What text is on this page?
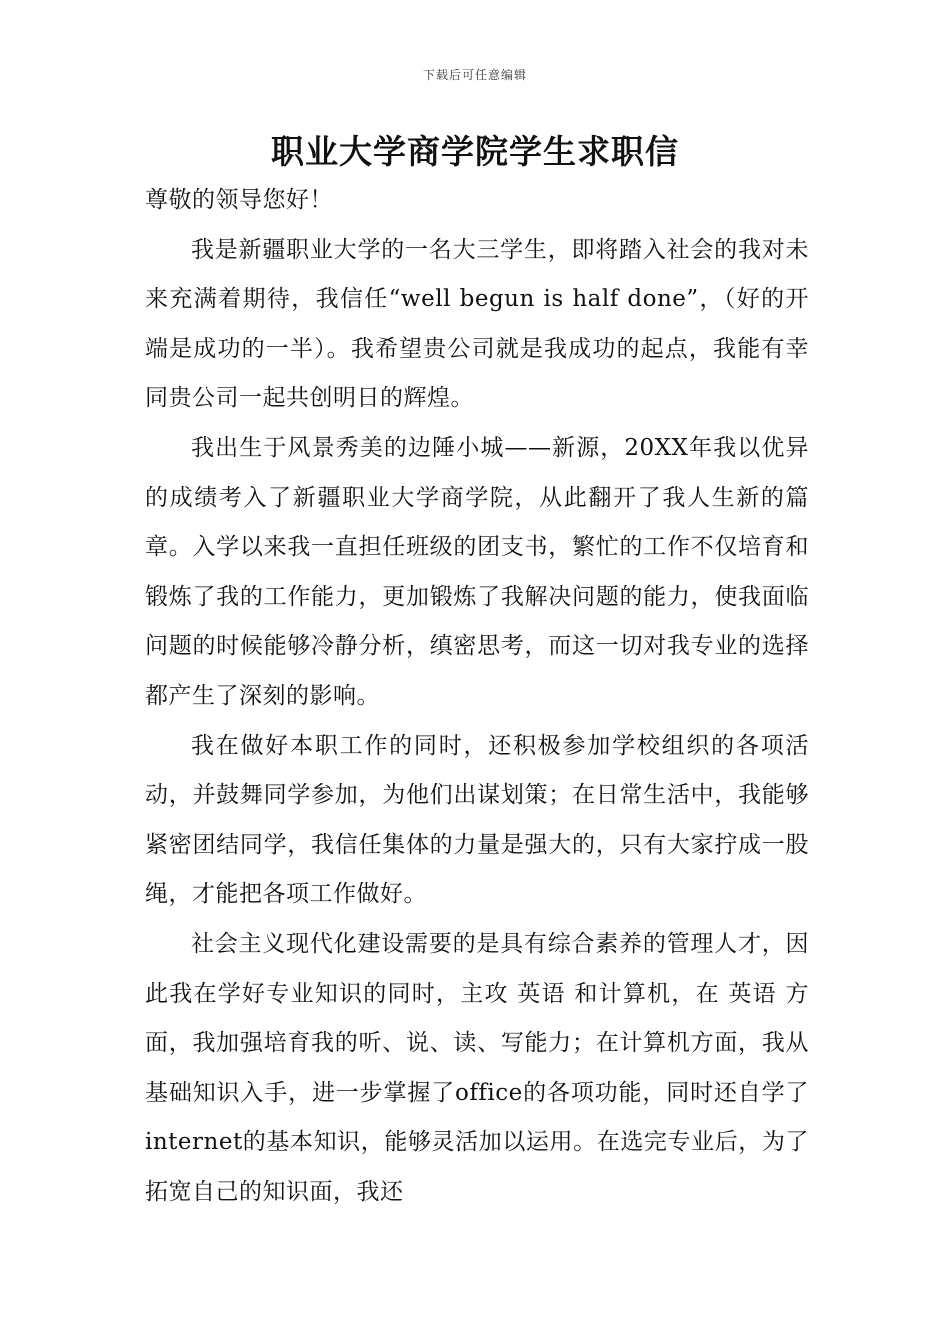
下载后可任意编辑
职业大学商学院学生求职信

尊敬的领导您好！

我是新疆职业大学的一名大三学生，即将踏入社会的我对未来充满着期待，我信任“well begun is half done”，（好的开端是成功的一半）。我希望贵公司就是我成功的起点，我能有幸同贵公司一起共创明日的辉煌。

我出生于风景秀美的边陲小城——新源，20XX年我以优异的成绩考入了新疆职业大学商学院，从此翻开了我人生新的篇章。入学以来我一直担任班级的团支书，繁忙的工作不仅培育和锻炼了我的工作能力，更加锻炼了我解决问题的能力，使我面临问题的时候能够冷静分析，缜密思考，而这一切对我专业的选择都产生了深刻的影响。

我在做好本职工作的同时，还积极参加学校组织的各项活动，并鼓舞同学参加，为他们出谋划策；在日常生活中，我能够紧密团结同学，我信任集体的力量是强大的，只有大家拧成一股绳，才能把各项工作做好。

社会主义现代化建设需要的是具有综合素养的管理人才，因此我在学好专业知识的同时，主攻 英语 和计算机，在 英语 方面，我加强培育我的听、说、读、写能力；在计算机方面，我从基础知识入手，进一步掌握了office的各项功能，同时还自学了internet的基本知识，能够灵活加以运用。在选完专业后，为了拓宽自己的知识面，我还
